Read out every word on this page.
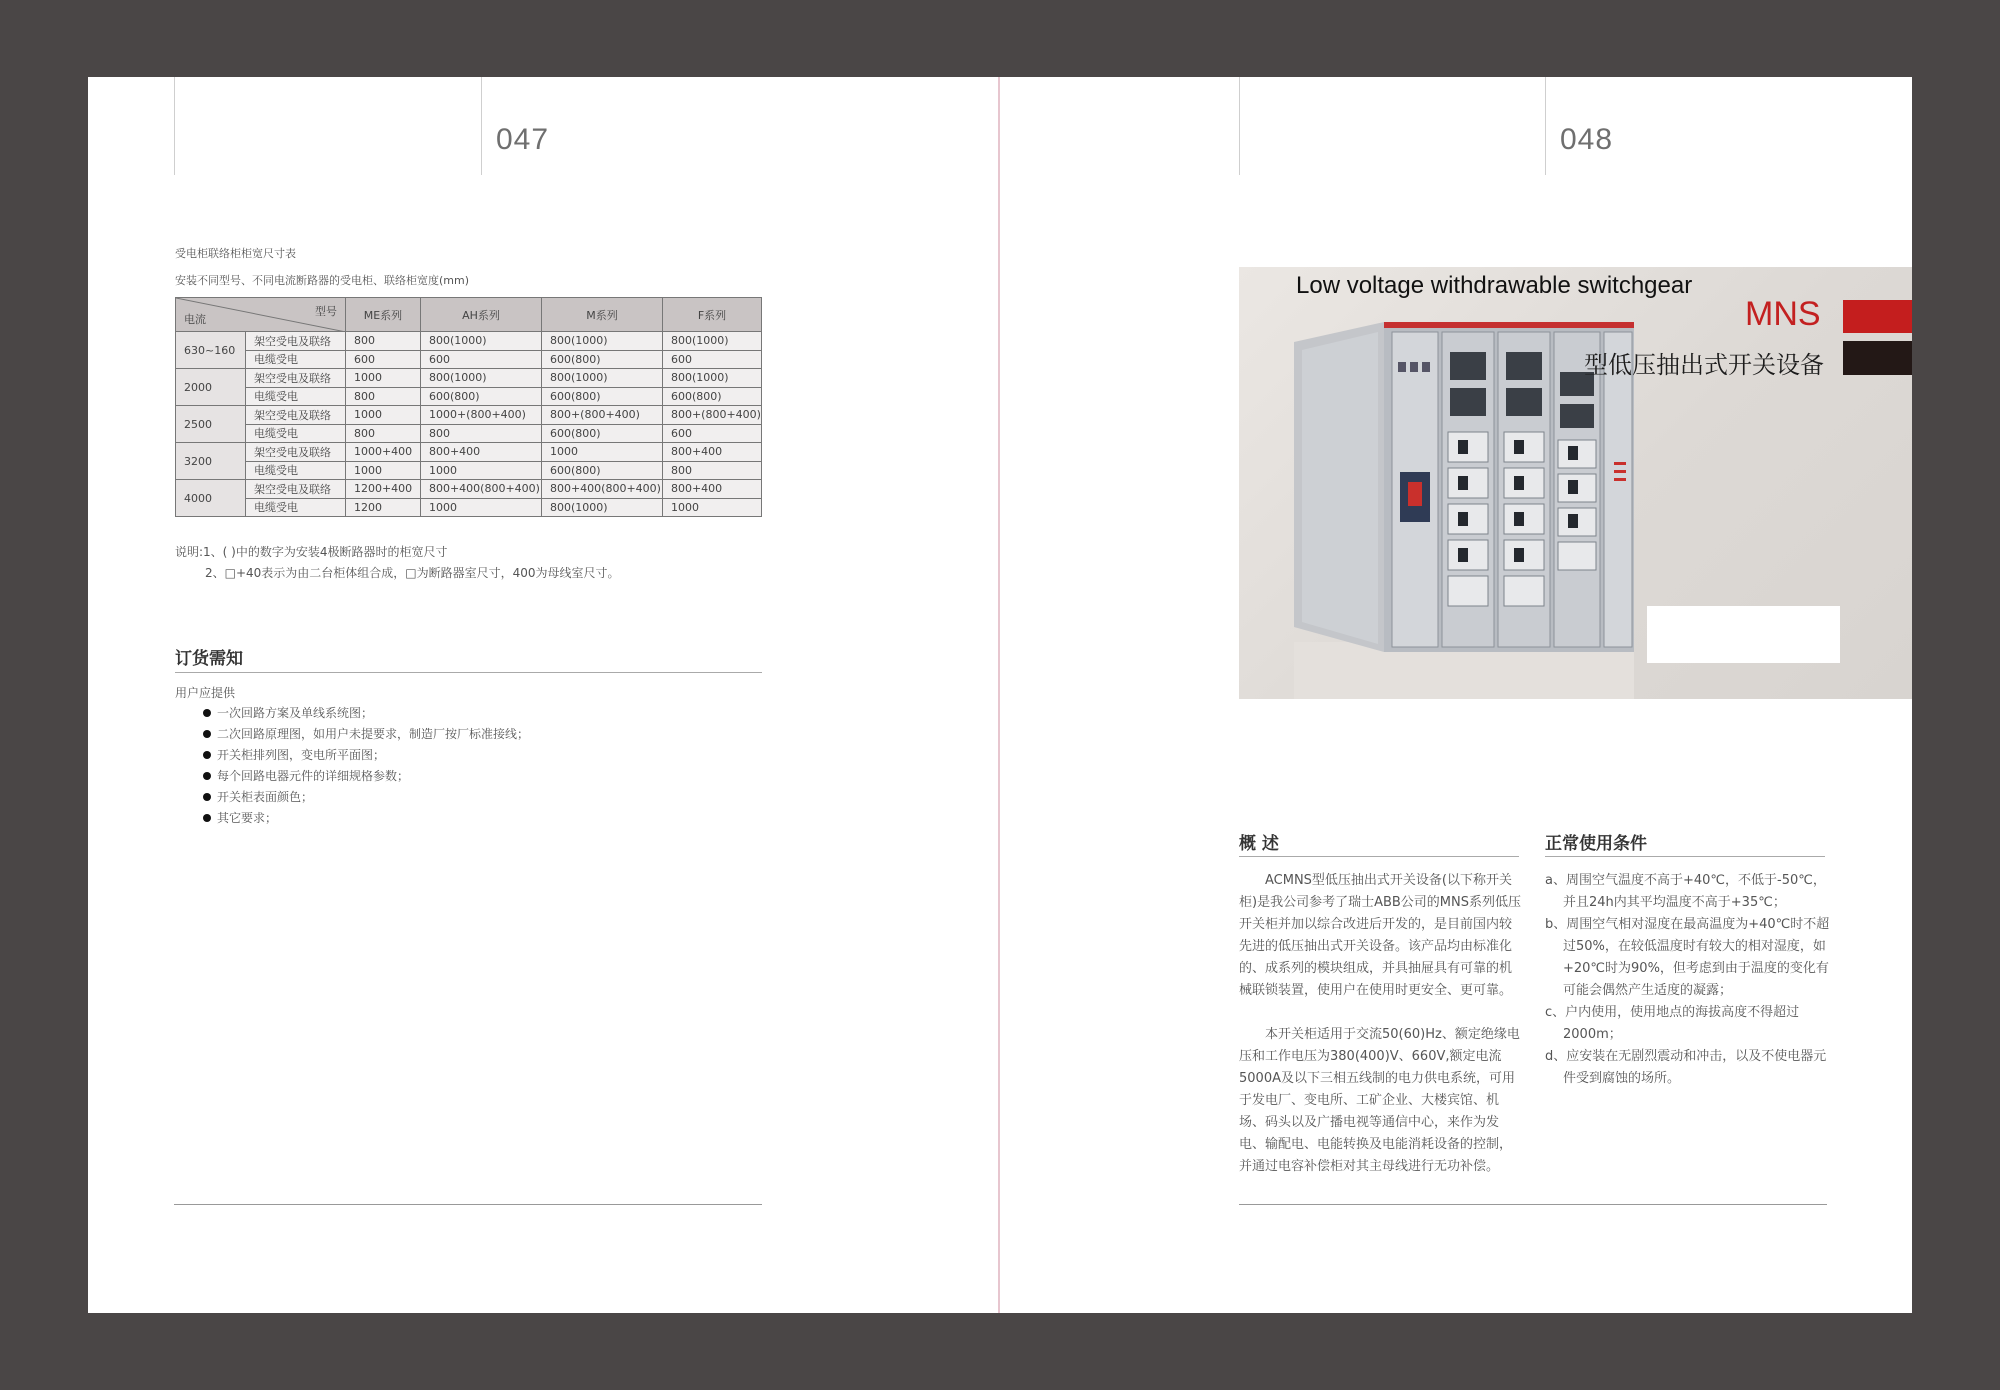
047
受电柜联络柜柜宽尺寸表
安装不同型号、不同电流断路器的受电柜、联络柜宽度(mm)
型号
电流		ME系列	AH系列	M系列	F系列
630~160	架空受电及联络	800	800(1000)	800(1000)	800(1000)
	电缆受电	600	600	600(800)	600
2000	架空受电及联络	1000	800(1000)	800(1000)	800(1000)
	电缆受电	800	600(800)	600(800)	600(800)
2500	架空受电及联络	1000	1000+(800+400)	800+(800+400)	800+(800+400)
	电缆受电	800	800	600(800)	600
3200	架空受电及联络	1000+400	800+400	1000	800+400
	电缆受电	1000	1000	600(800)	800
4000	架空受电及联络	1200+400	800+400(800+400)	800+400(800+400)	800+400
	电缆受电	1200	1000	800(1000)	1000
说明:1、( )中的数字为安装4极断路器时的柜宽尺寸
2、□+40表示为由二台柜体组合成，□为断路器室尺寸，400为母线室尺寸。
订货需知
用户应提供
一次回路方案及单线系统图；
二次回路原理图，如用户未提要求，制造厂按厂标准接线；
开关柜排列图，变电所平面图；
每个回路电器元件的详细规格参数；
开关柜表面颜色；
其它要求；
048
Low voltage withdrawable switchgear
MNS
型低压抽出式开关设备
概 述

ACMNS型低压抽出式开关设备(以下称开关柜)是我公司参考了瑞士ABB公司的MNS系列低压开关柜并加以综合改进后开发的，是目前国内较先进的低压抽出式开关设备。该产品均由标准化的、成系列的模块组成，并具抽屉具有可靠的机械联锁装置，使用户在使用时更安全、更可靠。

本开关柜适用于交流50(60)Hz、额定绝缘电压和工作电压为380(400)V、660V,额定电流5000A及以下三相五线制的电力供电系统，可用于发电厂、变电所、工矿企业、大楼宾馆、机场、码头以及广播电视等通信中心，来作为发电、输配电、电能转换及电能消耗设备的控制，并通过电容补偿柜对其主母线进行无功补偿。

正常使用条件

a、周围空气温度不高于+40℃，不低于-50℃，并且24h内其平均温度不高于+35℃；

b、周围空气相对湿度在最高温度为+40℃时不超过50%，在较低温度时有较大的相对湿度，如+20℃时为90%，但考虑到由于温度的变化有可能会偶然产生适度的凝露；

c、户内使用，使用地点的海拔高度不得超过2000m；

d、应安装在无剧烈震动和冲击，以及不使电器元件受到腐蚀的场所。
